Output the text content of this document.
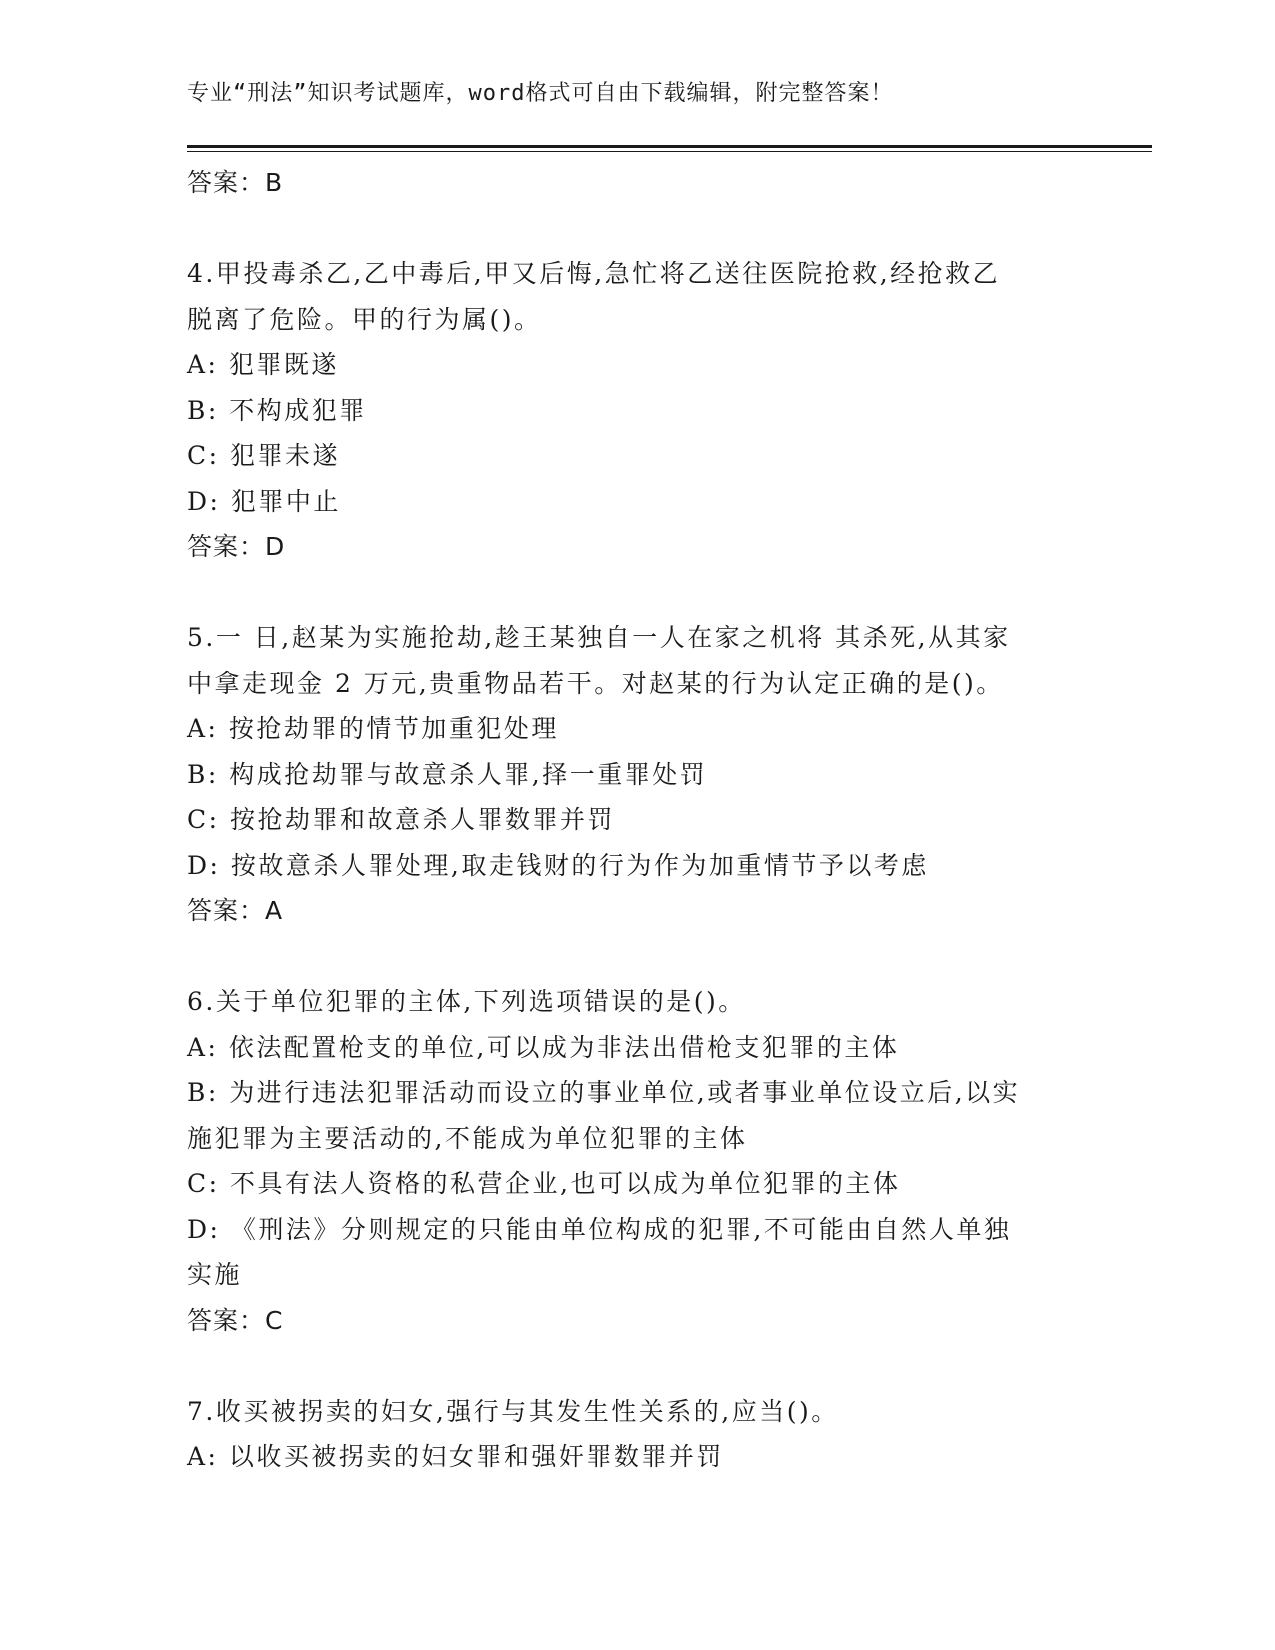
专业“刑法”知识考试题库，word格式可自由下载编辑，附完整答案！
答案：B
4.甲投毒杀乙,乙中毒后,甲又后悔,急忙将乙送往医院抢救,经抢救乙
脱离了危险。甲的行为属()。
A: 犯罪既遂
B: 不构成犯罪
C: 犯罪未遂
D: 犯罪中止
答案：D
5.一 日,赵某为实施抢劫,趁王某独自一人在家之机将 其杀死,从其家
中拿走现金 2 万元,贵重物品若干。对赵某的行为认定正确的是()。
A: 按抢劫罪的情节加重犯处理
B: 构成抢劫罪与故意杀人罪,择一重罪处罚
C: 按抢劫罪和故意杀人罪数罪并罚
D: 按故意杀人罪处理,取走钱财的行为作为加重情节予以考虑
答案：A
6.关于单位犯罪的主体,下列选项错误的是()。
A: 依法配置枪支的单位,可以成为非法出借枪支犯罪的主体
B: 为进行违法犯罪活动而设立的事业单位,或者事业单位设立后,以实
施犯罪为主要活动的,不能成为单位犯罪的主体
C: 不具有法人资格的私营企业,也可以成为单位犯罪的主体
D: 《刑法》分则规定的只能由单位构成的犯罪,不可能由自然人单独
实施
答案：C
7.收买被拐卖的妇女,强行与其发生性关系的,应当()。
A: 以收买被拐卖的妇女罪和强奸罪数罪并罚
